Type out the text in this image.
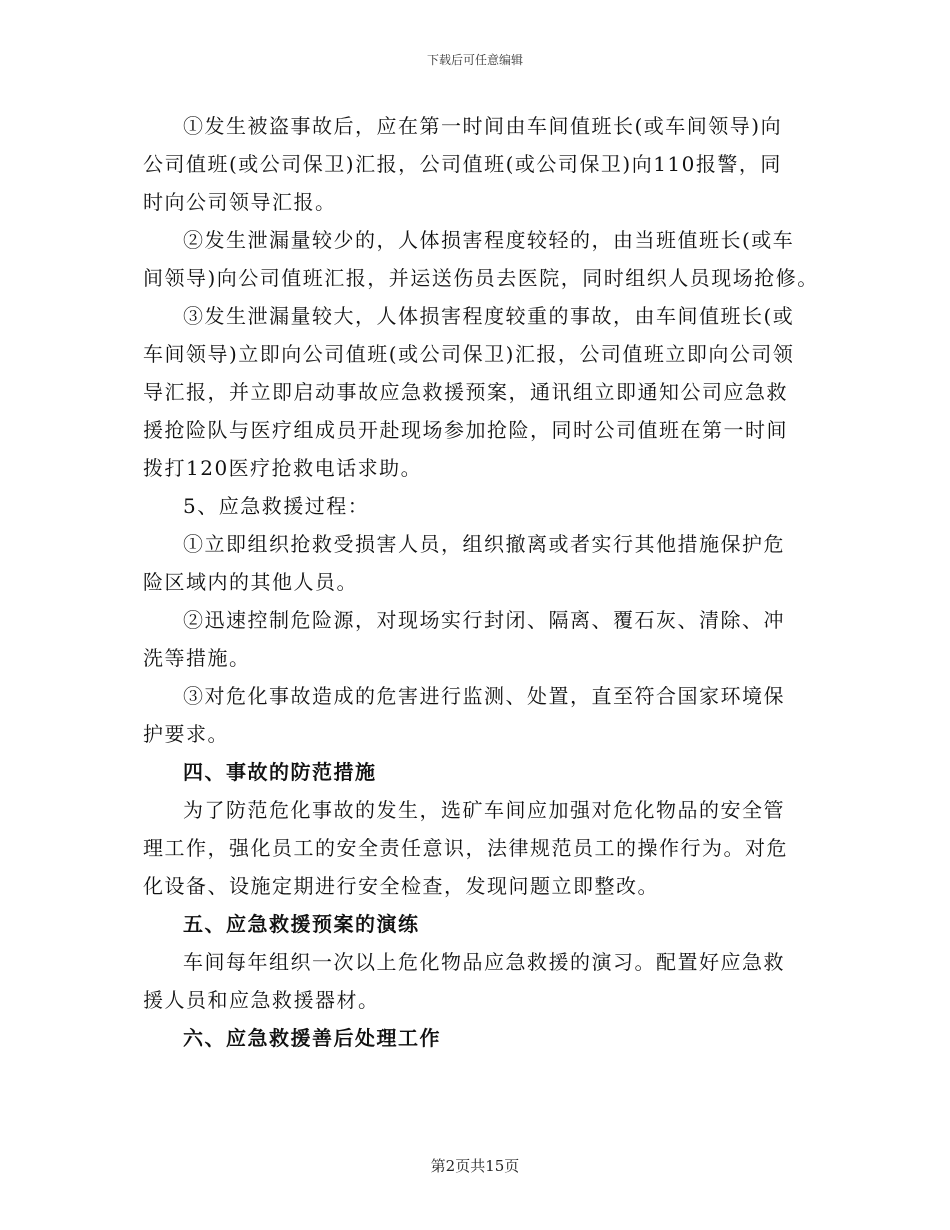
下载后可任意编辑
①发生被盗事故后，应在第一时间由车间值班长(或车间领导)向
公司值班(或公司保卫)汇报，公司值班(或公司保卫)向110报警，同
时向公司领导汇报。
②发生泄漏量较少的，人体损害程度较轻的，由当班值班长(或车
间领导)向公司值班汇报，并运送伤员去医院，同时组织人员现场抢修。
③发生泄漏量较大，人体损害程度较重的事故，由车间值班长(或
车间领导)立即向公司值班(或公司保卫)汇报，公司值班立即向公司领
导汇报，并立即启动事故应急救援预案，通讯组立即通知公司应急救
援抢险队与医疗组成员开赴现场参加抢险，同时公司值班在第一时间
拨打120医疗抢救电话求助。
5、应急救援过程：
①立即组织抢救受损害人员，组织撤离或者实行其他措施保护危
险区域内的其他人员。
②迅速控制危险源，对现场实行封闭、隔离、覆石灰、清除、冲
洗等措施。
③对危化事故造成的危害进行监测、处置，直至符合国家环境保
护要求。
四、事故的防范措施
为了防范危化事故的发生，选矿车间应加强对危化物品的安全管
理工作，强化员工的安全责任意识，法律规范员工的操作行为。对危
化设备、设施定期进行安全检查，发现问题立即整改。
五、应急救援预案的演练
车间每年组织一次以上危化物品应急救援的演习。配置好应急救
援人员和应急救援器材。
六、应急救援善后处理工作
第2页共15页
